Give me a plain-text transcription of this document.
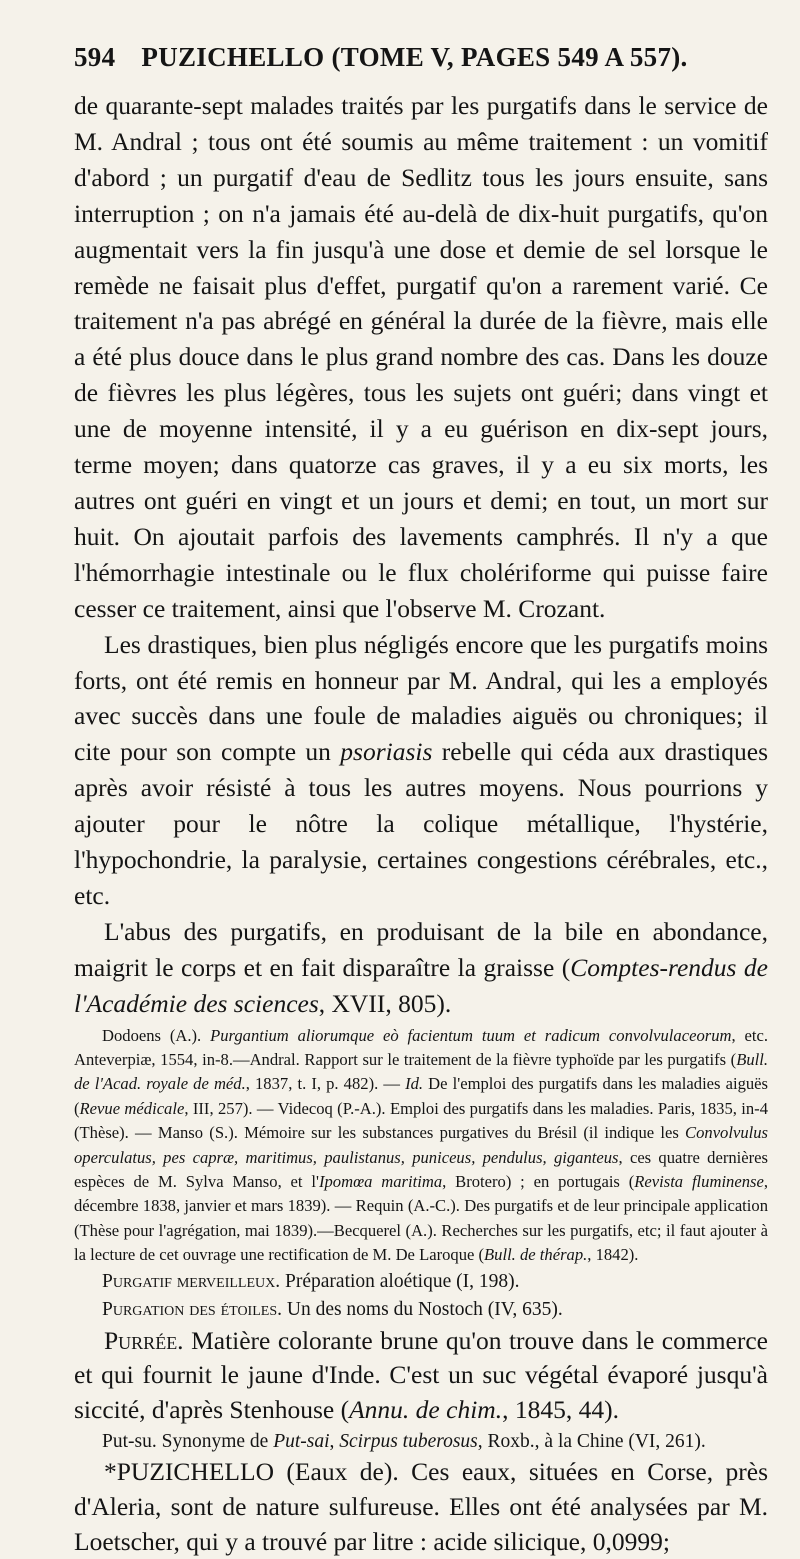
594 PUZICHELLO (TOME V, PAGES 549 A 557).

de quarante-sept malades traités par les purgatifs dans le service de M. Andral ; tous ont été soumis au même traitement : un vomitif d'abord ; un purgatif d'eau de Sedlitz tous les jours ensuite, sans interruption ; on n'a jamais été au-delà de dix-huit purgatifs, qu'on augmentait vers la fin jusqu'à une dose et demie de sel lorsque le remède ne faisait plus d'effet, purgatif qu'on a rarement varié. Ce traitement n'a pas abrégé en général la durée de la fièvre, mais elle a été plus douce dans le plus grand nombre des cas. Dans les douze de fièvres les plus légères, tous les sujets ont guéri; dans vingt et une de moyenne intensité, il y a eu guérison en dix-sept jours, terme moyen; dans quatorze cas graves, il y a eu six morts, les autres ont guéri en vingt et un jours et demi; en tout, un mort sur huit. On ajoutait parfois des lavements camphrés. Il n'y a que l'hémorrhagie intestinale ou le flux cholériforme qui puisse faire cesser ce traitement, ainsi que l'observe M. Crozant.

Les drastiques, bien plus négligés encore que les purgatifs moins forts, ont été remis en honneur par M. Andral, qui les a employés avec succès dans une foule de maladies aiguës ou chroniques; il cite pour son compte un psoriasis rebelle qui céda aux drastiques après avoir résisté à tous les autres moyens. Nous pourrions y ajouter pour le nôtre la colique métallique, l'hystérie, l'hypochondrie, la paralysie, certaines congestions cérébrales, etc., etc.

L'abus des purgatifs, en produisant de la bile en abondance, maigrit le corps et en fait disparaître la graisse (Comptes-rendus de l'Académie des sciences, XVII, 805).

Dodoens (A.). Purgantium aliorumque eò facientum tuum et radicum convolvulaceorum, etc. Anteverpiæ, 1554, in-8.—Andral. Rapport sur le traitement de la fièvre typhoïde par les purgatifs (Bull. de l'Acad. royale de méd., 1837, t. I, p. 482). — Id. De l'emploi des purgatifs dans les maladies aiguës (Revue médicale, III, 257). — Videcoq (P.-A.). Emploi des purgatifs dans les maladies. Paris, 1835, in-4 (Thèse). — Manso (S.). Mémoire sur les substances purgatives du Brésil (il indique les Convolvulus operculatus, pes capræ, maritimus, paulistanus, puniceus, pendulus, giganteus, ces quatre dernières espèces de M. Sylva Manso, et l'Ipomœa maritima, Brotero) ; en portugais (Revista fluminense, décembre 1838, janvier et mars 1839). — Requin (A.-C.). Des purgatifs et de leur principale application (Thèse pour l'agrégation, mai 1839).—Becquerel (A.). Recherches sur les purgatifs, etc; il faut ajouter à la lecture de cet ouvrage une rectification de M. De Laroque (Bull. de thérap., 1842).

Purgatif merveilleux. Préparation aloétique (I, 198).

Purgation des étoiles. Un des noms du Nostoch (IV, 635).

Purrée. Matière colorante brune qu'on trouve dans le commerce et qui fournit le jaune d'Inde. C'est un suc végétal évaporé jusqu'à siccité, d'après Stenhouse (Annu. de chim., 1845, 44).

Put-su. Synonyme de Put-sai, Scirpus tuberosus, Roxb., à la Chine (VI, 261).

*PUZICHELLO (Eaux de). Ces eaux, situées en Corse, près d'Aleria, sont de nature sulfureuse. Elles ont été analysées par M. Loetscher, qui y a trouvé par litre : acide silicique, 0,0999;
